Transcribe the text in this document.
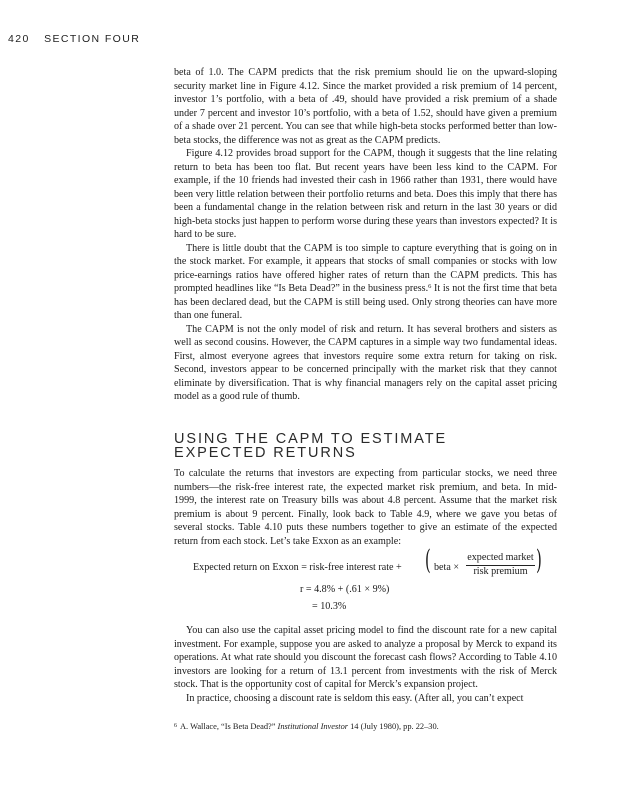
420 SECTION FOUR

beta of 1.0. The CAPM predicts that the risk premium should lie on the upward-sloping security market line in Figure 4.12. Since the market provided a risk premium of 14 percent, investor 1’s portfolio, with a beta of .49, should have provided a risk premium of a shade under 7 percent and investor 10’s portfolio, with a beta of 1.52, should have given a premium of a shade over 21 percent. You can see that while high-beta stocks performed better than low-beta stocks, the difference was not as great as the CAPM predicts.

Figure 4.12 provides broad support for the CAPM, though it suggests that the line relating return to beta has been too flat. But recent years have been less kind to the CAPM. For example, if the 10 friends had invested their cash in 1966 rather than 1931, there would have been very little relation between their portfolio returns and beta. Does this imply that there has been a fundamental change in the relation between risk and return in the last 30 years or did high-beta stocks just happen to perform worse during these years than investors expected? It is hard to be sure.

There is little doubt that the CAPM is too simple to capture everything that is going on in the stock market. For example, it appears that stocks of small companies or stocks with low price-earnings ratios have offered higher rates of return than the CAPM predicts. This has prompted headlines like “Is Beta Dead?” in the business press.$^6$ It is not the first time that beta has been declared dead, but the CAPM is still being used. Only strong theories can have more than one funeral.

The CAPM is not the only model of risk and return. It has several brothers and sisters as well as second cousins. However, the CAPM captures in a simple way two fundamental ideas. First, almost everyone agrees that investors require some extra return for taking on risk. Second, investors appear to be concerned principally with the market risk that they cannot eliminate by diversification. That is why financial managers rely on the capital asset pricing model as a good rule of thumb.

USING THE CAPM TO ESTIMATE
EXPECTED RETURNS

To calculate the returns that investors are expecting from particular stocks, we need three numbers—the risk-free interest rate, the expected market risk premium, and beta. In mid-1999, the interest rate on Treasury bills was about 4.8 percent. Assume that the market risk premium is about 9 percent. Finally, look back to Table 4.9, where we gave you betas of several stocks. Table 4.10 puts these numbers together to give an estimate of the expected return from each stock. Let’s take Exxon as an example:

Expected return on Exxon = risk-free interest rate + ( beta ×
expected market
risk premium )
r = 4.8% + (.61 × 9%)
= 10.3%

You can also use the capital asset pricing model to find the discount rate for a new capital investment. For example, suppose you are asked to analyze a proposal by Merck to expand its operations. At what rate should you discount the forecast cash flows? According to Table 4.10 investors are looking for a return of 13.1 percent from investments with the risk of Merck stock. That is the opportunity cost of capital for Merck’s expansion project.

In practice, choosing a discount rate is seldom this easy. (After all, you can’t expect

$^6$ A. Wallace, “Is Beta Dead?” Institutional Investor 14 (July 1980), pp. 22–30.
